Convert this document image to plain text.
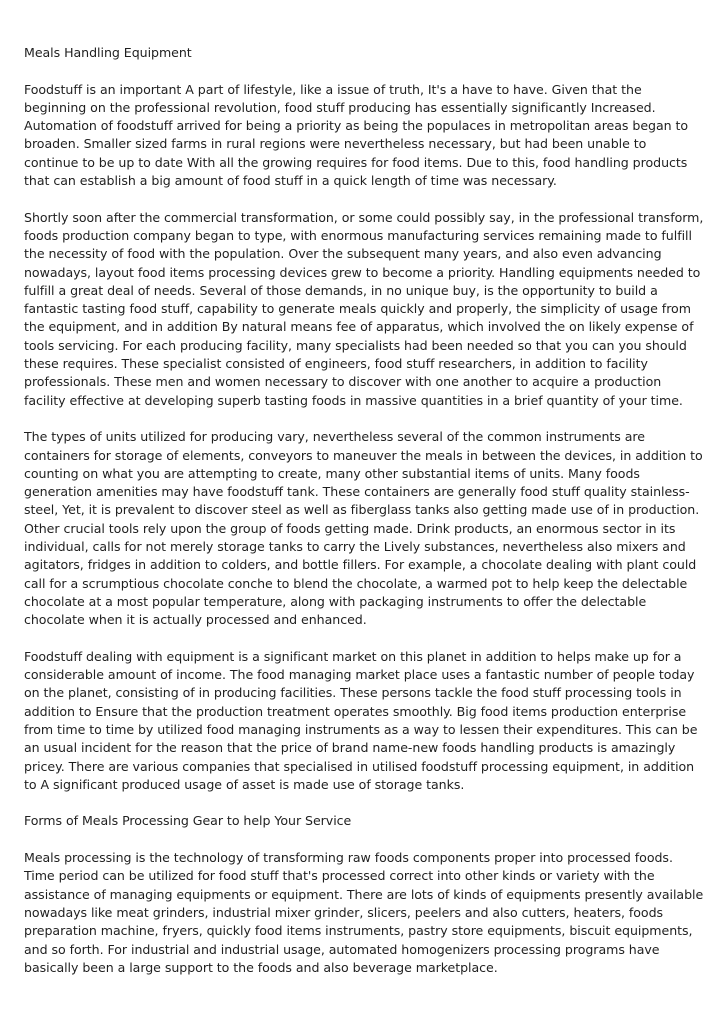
Meals Handling Equipment

Foodstuff is an important A part of lifestyle, like a issue of truth, It's a have to have. Given that the beginning on the professional revolution, food stuff producing has essentially significantly Increased. Automation of foodstuff arrived for being a priority as being the populaces in metropolitan areas began to broaden. Smaller sized farms in rural regions were nevertheless necessary, but had been unable to continue to be up to date With all the growing requires for food items. Due to this, food handling products that can establish a big amount of food stuff in a quick length of time was necessary.

Shortly soon after the commercial transformation, or some could possibly say, in the professional transform, foods production company began to type, with enormous manufacturing services remaining made to fulfill the necessity of food with the population. Over the subsequent many years, and also even advancing nowadays, layout food items processing devices grew to become a priority. Handling equipments needed to fulfill a great deal of needs. Several of those demands, in no unique buy, is the opportunity to build a fantastic tasting food stuff, capability to generate meals quickly and properly, the simplicity of usage from the equipment, and in addition By natural means fee of apparatus, which involved the on likely expense of tools servicing. For each producing facility, many specialists had been needed so that you can you should these requires. These specialist consisted of engineers, food stuff researchers, in addition to facility professionals. These men and women necessary to discover with one another to acquire a production facility effective at developing superb tasting foods in massive quantities in a brief quantity of your time.

The types of units utilized for producing vary, nevertheless several of the common instruments are containers for storage of elements, conveyors to maneuver the meals in between the devices, in addition to counting on what you are attempting to create, many other substantial items of units. Many foods generation amenities may have foodstuff tank. These containers are generally food stuff quality stainless-steel, Yet, it is prevalent to discover steel as well as fiberglass tanks also getting made use of in production. Other crucial tools rely upon the group of foods getting made. Drink products, an enormous sector in its individual, calls for not merely storage tanks to carry the Lively substances, nevertheless also mixers and agitators, fridges in addition to colders, and bottle fillers. For example, a chocolate dealing with plant could call for a scrumptious chocolate conche to blend the chocolate, a warmed pot to help keep the delectable chocolate at a most popular temperature, along with packaging instruments to offer the delectable chocolate when it is actually processed and enhanced.

Foodstuff dealing with equipment is a significant market on this planet in addition to helps make up for a considerable amount of income. The food managing market place uses a fantastic number of people today on the planet, consisting of in producing facilities. These persons tackle the food stuff processing tools in addition to Ensure that the production treatment operates smoothly. Big food items production enterprise from time to time by utilized food managing instruments as a way to lessen their expenditures. This can be an usual incident for the reason that the price of brand name-new foods handling products is amazingly pricey. There are various companies that specialised in utilised foodstuff processing equipment, in addition to A significant produced usage of asset is made use of storage tanks.

Forms of Meals Processing Gear to help Your Service

Meals processing is the technology of transforming raw foods components proper into processed foods. Time period can be utilized for food stuff that's processed correct into other kinds or variety with the assistance of managing equipments or equipment. There are lots of kinds of equipments presently available nowadays like meat grinders, industrial mixer grinder, slicers, peelers and also cutters, heaters, foods preparation machine, fryers, quickly food items instruments, pastry store equipments, biscuit equipments, and so forth. For industrial and industrial usage, automated homogenizers processing programs have basically been a large support to the foods and also beverage marketplace.
